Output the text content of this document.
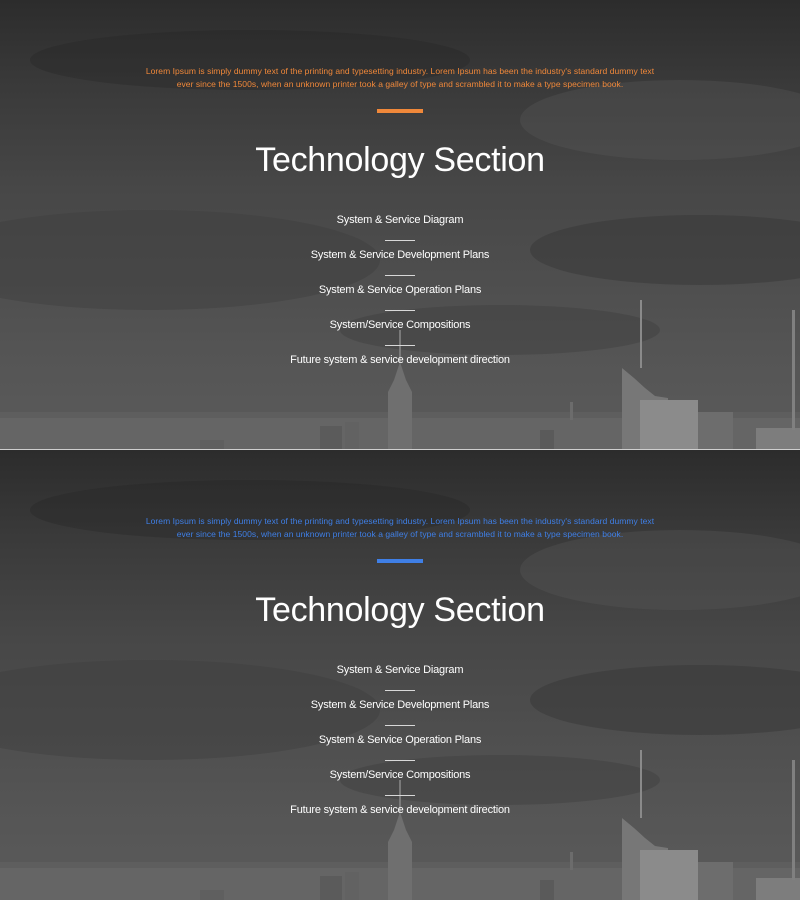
Lorem Ipsum is simply dummy text of the printing and typesetting industry. Lorem Ipsum has been the industry's standard dummy text
ever since the 1500s, when an unknown printer took a galley of type and scrambled it to make a type specimen book.

Technology Section
System & Service Diagram
System & Service Development Plans
System & Service Operation Plans
System/Service Compositions
Future system & service development direction

Lorem Ipsum is simply dummy text of the printing and typesetting industry. Lorem Ipsum has been the industry's standard dummy text
ever since the 1500s, when an unknown printer took a galley of type and scrambled it to make a type specimen book.

Technology Section
System & Service Diagram
System & Service Development Plans
System & Service Operation Plans
System/Service Compositions
Future system & service development direction
